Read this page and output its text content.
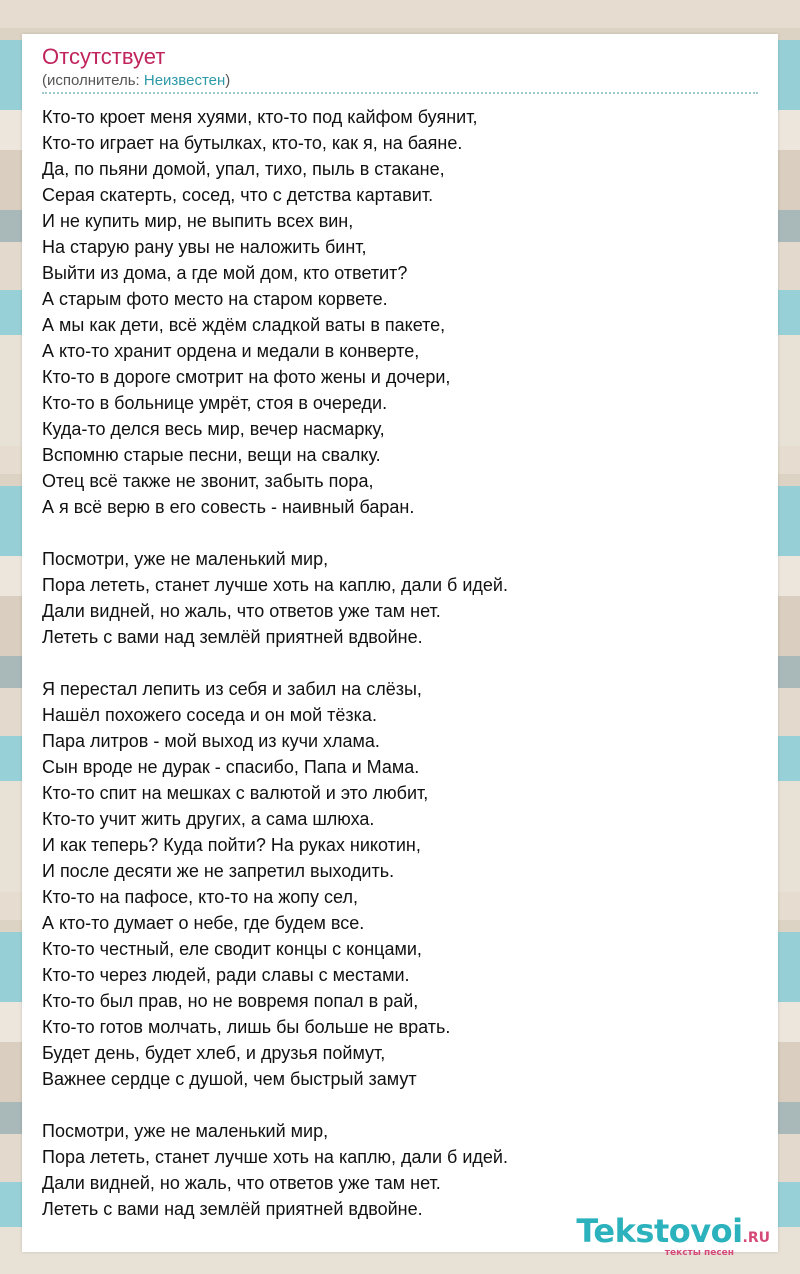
Отсутствует
(исполнитель: Неизвестен)
Кто-то кроет меня хуями, кто-то под кайфом буянит,
Кто-то играет на бутылках, кто-то, как я, на баяне.
Да, по пьяни домой, упал, тихо, пыль в стакане,
Серая скатерть, сосед, что с детства картавит.
И не купить мир, не выпить всех вин,
На старую рану увы не наложить бинт,
Выйти из дома, а где мой дом, кто ответит?
А старым фото место на старом корвете.
А мы как дети, всё ждём сладкой ваты в пакете,
А кто-то хранит ордена и медали в конверте,
Кто-то в дороге смотрит на фото жены и дочери,
Кто-то в больнице умрёт, стоя в очереди.
Куда-то делся весь мир, вечер насмарку,
Вспомню старые песни, вещи на свалку.
Отец всё также не звонит, забыть пора,
А я всё верю в его совесть - наивный баран.
Посмотри, уже не маленький мир,
Пора лететь, станет лучше хоть на каплю, дали б идей.
Дали видней, но жаль, что ответов уже там нет.
Лететь с вами над землёй приятней вдвойне.
Я перестал лепить из себя и забил на слёзы,
Нашёл похожего соседа и он мой тёзка.
Пара литров - мой выход из кучи хлама.
Сын вроде не дурак - спасибо, Папа и Мама.
Кто-то спит на мешках с валютой и это любит,
Кто-то учит жить других, а сама шлюха.
И как теперь? Куда пойти? На руках никотин,
И после десяти же не запретил выходить.
Кто-то на пафосе, кто-то на жопу сел,
А кто-то думает о небе, где будем все.
Кто-то честный, еле сводит концы с концами,
Кто-то через людей, ради славы с местами.
Кто-то был прав, но не вовремя попал в рай,
Кто-то готов молчать, лишь бы больше не врать.
Будет день, будет хлеб, и друзья поймут,
Важнее сердце с душой, чем быстрый замут
Посмотри, уже не маленький мир,
Пора лететь, станет лучше хоть на каплю, дали б идей.
Дали видней, но жаль, что ответов уже там нет.
Лететь с вами над землёй приятней вдвойне.
Tekstovoi.RU
тексты песен
